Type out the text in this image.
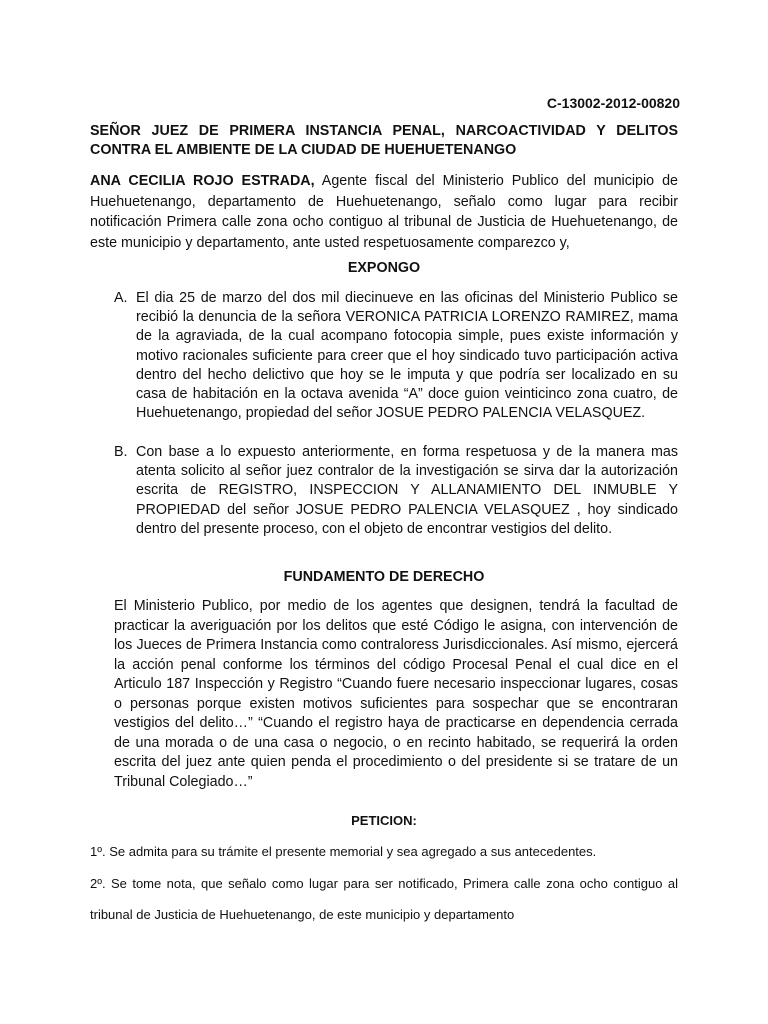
C-13002-2012-00820

SEÑOR JUEZ DE PRIMERA INSTANCIA PENAL, NARCOACTIVIDAD Y DELITOS CONTRA EL AMBIENTE DE LA CIUDAD DE HUEHUETENANGO

ANA CECILIA ROJO ESTRADA, Agente fiscal del Ministerio Publico del municipio de Huehuetenango, departamento de Huehuetenango, señalo como lugar para recibir notificación Primera calle zona ocho contiguo al tribunal de Justicia de Huehuetenango, de este municipio y departamento, ante usted respetuosamente comparezco y,

EXPONGO

A. El dia 25 de marzo del dos mil diecinueve en las oficinas del Ministerio Publico se recibió la denuncia de la señora VERONICA PATRICIA LORENZO RAMIREZ, mama de la agraviada, de la cual acompano fotocopia simple, pues existe información y motivo racionales suficiente para creer que el hoy sindicado tuvo participación activa dentro del hecho delictivo que hoy se le imputa y que podría ser localizado en su casa de habitación en la octava avenida “A” doce guion veinticinco zona cuatro, de Huehuetenango, propiedad del señor JOSUE PEDRO PALENCIA VELASQUEZ.
B. Con base a lo expuesto anteriormente, en forma respetuosa y de la manera mas atenta solicito al señor juez contralor de la investigación se sirva dar la autorización escrita de REGISTRO, INSPECCION Y ALLANAMIENTO DEL INMUBLE Y PROPIEDAD del señor JOSUE PEDRO PALENCIA VELASQUEZ , hoy sindicado dentro del presente proceso, con el objeto de encontrar vestigios del delito.

FUNDAMENTO DE DERECHO

El Ministerio Publico, por medio de los agentes que designen, tendrá la facultad de practicar la averiguación por los delitos que esté Código le asigna, con intervención de los Jueces de Primera Instancia como contraloress Jurisdiccionales. Así mismo, ejercerá la acción penal conforme los términos del código Procesal Penal el cual dice en el Articulo 187 Inspección y Registro “Cuando fuere necesario inspeccionar lugares, cosas o personas porque existen motivos suficientes para sospechar que se encontraran vestigios del delito…” “Cuando el registro haya de practicarse en dependencia cerrada de una morada o de una casa o negocio, o en recinto habitado, se requerirá la orden escrita del juez ante quien penda el procedimiento o del presidente si se tratare de un Tribunal Colegiado…”

PETICION:

1º. Se admita para su trámite el presente memorial y sea agregado a sus antecedentes.

2º. Se tome nota, que señalo como lugar para ser notificado, Primera calle zona ocho contiguo al tribunal de Justicia de Huehuetenango, de este municipio y departamento
